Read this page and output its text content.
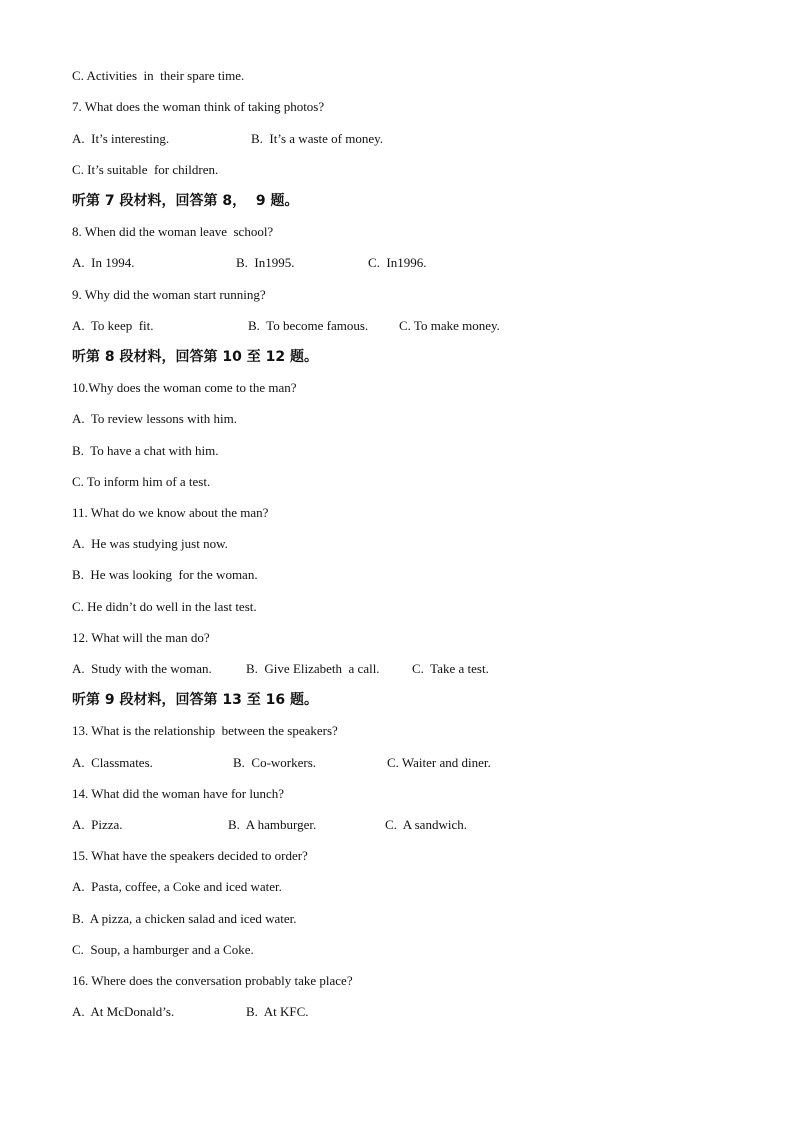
C. Activities  in  their spare time.
7. What does the woman think of taking photos?
A.  It’s interesting.	B.  It’s a waste of money.
C. It’s suitable  for children.
听第 7 段材料，回答第 8，  9 题。
8. When did the woman leave  school?
A.  In 1994.	B.  In1995.	C.  In1996.
9. Why did the woman start running?
A.  To keep  fit.	B.  To become famous. C. To make money.
听第 8 段材料，回答第 10 至 12 题。
10.Why does the woman come to the man?
A.  To review lessons with him.
B.  To have a chat with him.
C. To inform him of a test.
11. What do we know about the man?
A.  He was studying just now.
B.  He was looking  for the woman.
C. He didn’t do well in the last test.
12. What will the man do?
A.  Study with the woman.	B.  Give Elizabeth  a call. C.  Take a test.
听第 9 段材料，回答第 13 至 16 题。
13. What is the relationship  between the speakers?
A.  Classmates.	B.  Co-workers.	C. Waiter and diner.
14. What did the woman have for lunch?
A.  Pizza.	B.  A hamburger.	C.  A sandwich.
15. What have the speakers decided to order?
A.  Pasta, coffee, a Coke and iced water.
B.  A pizza, a chicken salad and iced water.
C.  Soup, a hamburger and a Coke.
16. Where does the conversation probably take place?
A.  At McDonald’s.	B.  At KFC.
